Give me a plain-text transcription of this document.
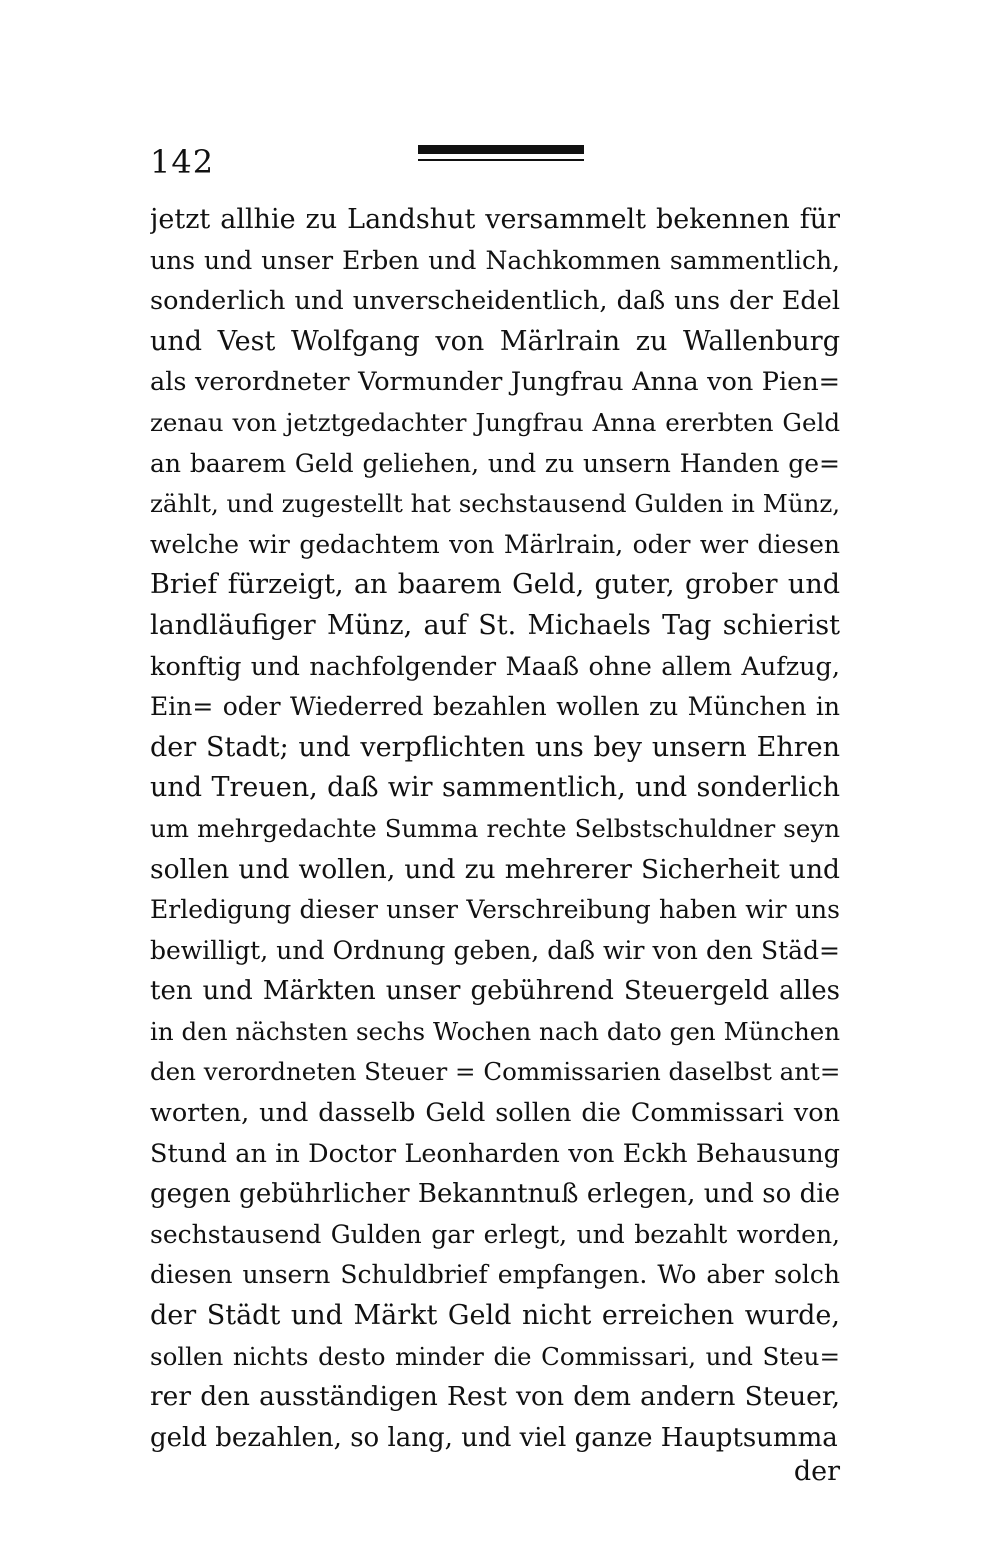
142
jetzt allhie zu Landshut versammelt bekennen für
uns und unser Erben und Nachkommen sammentlich,
sonderlich und unverscheidentlich, daß uns der Edel
und Vest Wolfgang von Märlrain zu Wallenburg
als verordneter Vormunder Jungfrau Anna von Pien=
zenau von jetztgedachter Jungfrau Anna ererbten Geld
an baarem Geld geliehen, und zu unsern Handen ge=
zählt, und zugestellt hat sechstausend Gulden in Münz,
welche wir gedachtem von Märlrain, oder wer diesen
Brief fürzeigt, an baarem Geld, guter, grober und
landläufiger Münz, auf St. Michaels Tag schierist
konftig und nachfolgender Maaß ohne allem Aufzug,
Ein= oder Wiederred bezahlen wollen zu München in
der Stadt; und verpflichten uns bey unsern Ehren
und Treuen, daß wir sammentlich, und sonderlich
um mehrgedachte Summa rechte Selbstschuldner seyn
sollen und wollen, und zu mehrerer Sicherheit und
Erledigung dieser unser Verschreibung haben wir uns
bewilligt, und Ordnung geben, daß wir von den Städ=
ten und Märkten unser gebührend Steuergeld alles
in den nächsten sechs Wochen nach dato gen München
den verordneten Steuer = Commissarien daselbst ant=
worten, und dasselb Geld sollen die Commissari von
Stund an in Doctor Leonharden von Eckh Behausung
gegen gebührlicher Bekanntnuß erlegen, und so die
sechstausend Gulden gar erlegt, und bezahlt worden,
diesen unsern Schuldbrief empfangen. Wo aber solch
der Städt und Märkt Geld nicht erreichen wurde,
sollen nichts desto minder die Commissari, und Steu=
rer den ausständigen Rest von dem andern Steuer,
geld bezahlen, so lang, und viel ganze Hauptsumma
der
